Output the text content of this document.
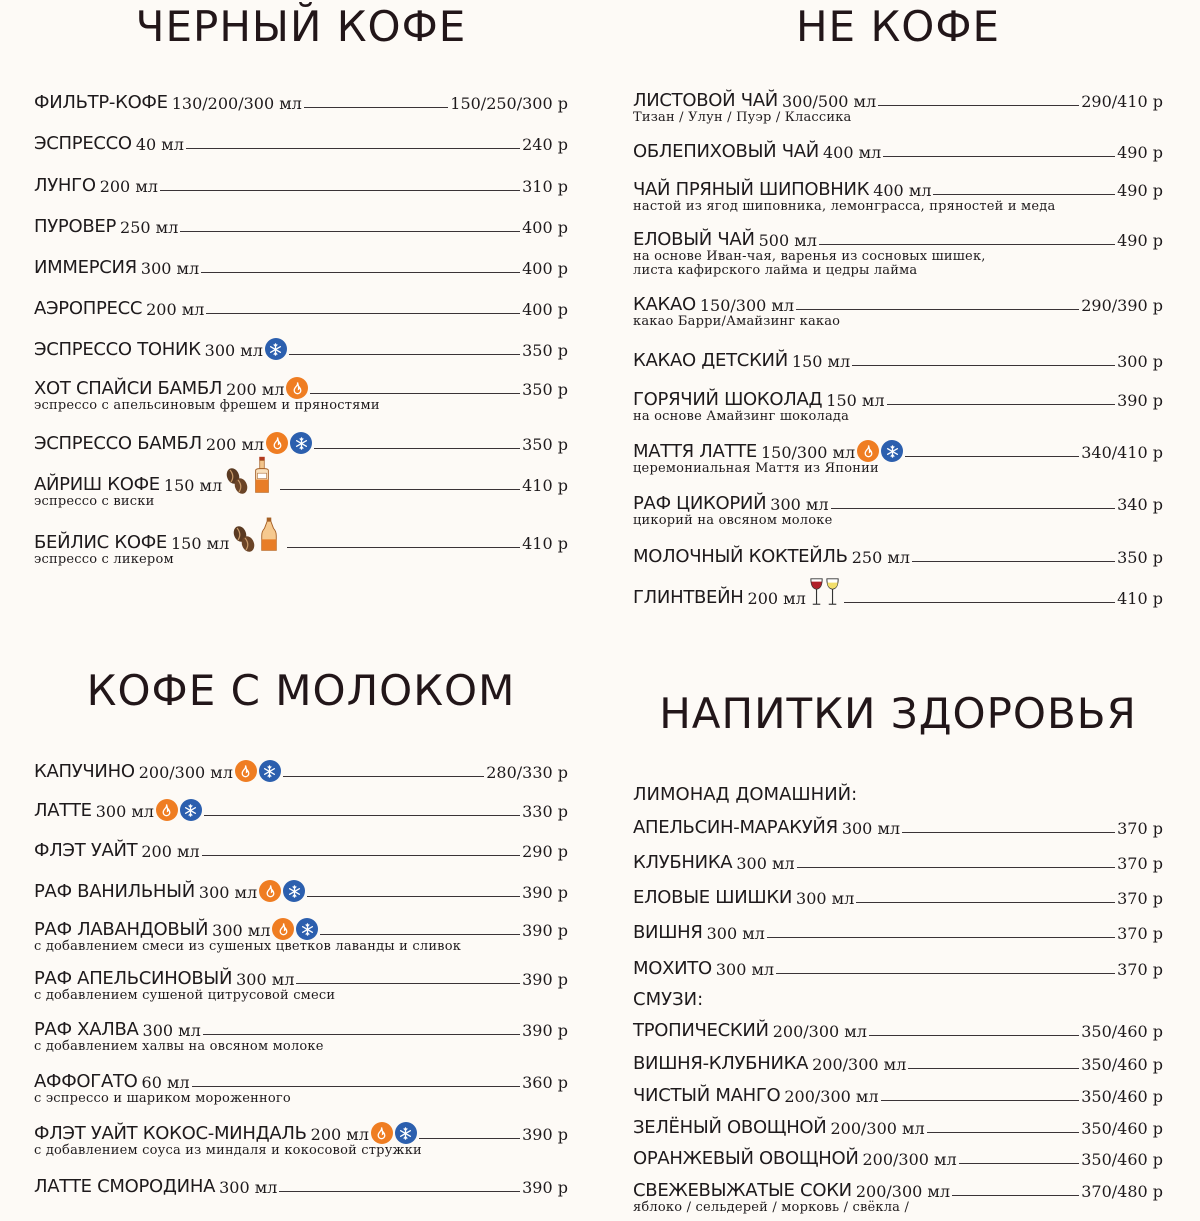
ЧЕРНЫЙ КОФЕ
ФИЛЬТР-КОФЕ 130/200/300 мл	150/250/300 р
ЭСПРЕССО 40 мл	240 р
ЛУНГО 200 мл	310 р
ПУРОВЕР 250 мл	400 р
ИММЕРСИЯ 300 мл	400 р
АЭРОПРЕСС 200 мл	400 р
ЭСПРЕССО ТОНИК 300 мл	350 р
ХОТ СПАЙСИ БАМБЛ 200 мл	350 р
эспрессо с апельсиновым фрешем и пряностями
ЭСПРЕССО БАМБЛ 200 мл	350 р
АЙРИШ КОФЕ 150 мл	410 р
эспрессо с виски
БЕЙЛИС КОФЕ 150 мл	410 р
эспрессо с ликером
НЕ КОФЕ
ЛИСТОВОЙ ЧАЙ 300/500 мл	290/410 р
Тизан / Улун / Пуэр / Классика
ОБЛЕПИХОВЫЙ ЧАЙ 400 мл	490 р
ЧАЙ ПРЯНЫЙ ШИПОВНИК 400 мл	490 р
настой из ягод шиповника, лемонграсса, пряностей и меда
ЕЛОВЫЙ ЧАЙ 500 мл	490 р
на основе Иван-чая, варенья из сосновых шишек,
листа кафирского лайма и цедры лайма
КАКАО 150/300 мл	290/390 р
какао Барри/Амайзинг какао
КАКАО ДЕТСКИЙ 150 мл	300 р
ГОРЯЧИЙ ШОКОЛАД 150 мл	390 р
на основе Амайзинг шоколада
МАТТЯ ЛАТТЕ 150/300 мл	340/410 р
церемониальная Маття из Японии
РАФ ЦИКОРИЙ 300 мл	340 р
цикорий на овсяном молоке
МОЛОЧНЫЙ КОКТЕЙЛЬ 250 мл	350 р
ГЛИНТВЕЙН 200 мл	410 р
КОФЕ С МОЛОКОМ
КАПУЧИНО 200/300 мл	280/330 р
ЛАТТЕ 300 мл	330 р
ФЛЭТ УАЙТ 200 мл	290 р
РАФ ВАНИЛЬНЫЙ 300 мл	390 р
РАФ ЛАВАНДОВЫЙ 300 мл	390 р
с добавлением смеси из сушеных цветков лаванды и сливок
РАФ АПЕЛЬСИНОВЫЙ 300 мл	390 р
с добавлением сушеной цитрусовой смеси
РАФ ХАЛВА 300 мл	390 р
с добавлением халвы на овсяном молоке
АФФОГАТО 60 мл	360 р
с эспрессо и шариком мороженного
ФЛЭТ УАЙТ КОКОС-МИНДАЛЬ 200 мл	390 р
с добавлением соуса из миндаля и кокосовой стружки
ЛАТТЕ СМОРОДИНА 300 мл	390 р
НАПИТКИ ЗДОРОВЬЯ
ЛИМОНАД ДОМАШНИЙ:
АПЕЛЬСИН-МАРАКУЙЯ 300 мл	370 р
КЛУБНИКА 300 мл	370 р
ЕЛОВЫЕ ШИШКИ 300 мл	370 р
ВИШНЯ 300 мл	370 р
МОХИТО 300 мл	370 р
СМУЗИ:
ТРОПИЧЕСКИЙ 200/300 мл	350/460 р
ВИШНЯ-КЛУБНИКА 200/300 мл	350/460 р
ЧИСТЫЙ МАНГО 200/300 мл	350/460 р
ЗЕЛЁНЫЙ ОВОЩНОЙ 200/300 мл	350/460 р
ОРАНЖЕВЫЙ ОВОЩНОЙ 200/300 мл	350/460 р
СВЕЖЕВЫЖАТЫЕ СОКИ 200/300 мл	370/480 р
яблоко / сельдерей / морковь / свёкла /
